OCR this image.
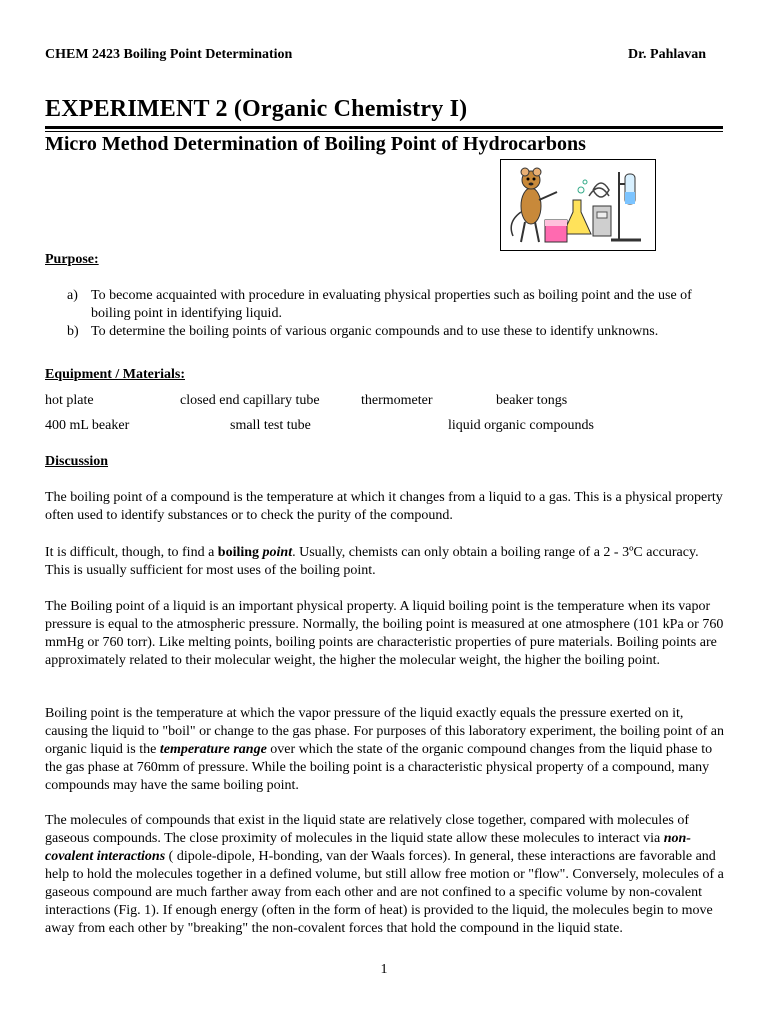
CHEM 2423 Boiling Point Determination	Dr. Pahlavan
EXPERIMENT 2 (Organic Chemistry I)
Micro Method Determination of Boiling Point of Hydrocarbons
Purpose:
a) To become acquainted with procedure in evaluating physical properties such as boiling point and the use of boiling point in identifying liquid.
b) To determine the boiling points of various organic compounds and to use these to identify unknowns.
Equipment / Materials:
hot plate	closed end capillary tube	thermometer	beaker tongs
400 mL beaker	small test tube	liquid organic compounds
Discussion
The boiling point of a compound is the temperature at which it changes from a liquid to a gas. This is a physical property often used to identify substances or to check the purity of the compound.
It is difficult, though, to find a boiling point. Usually, chemists can only obtain a boiling range of a 2 - 3ºC accuracy. This is usually sufficient for most uses of the boiling point.
The Boiling point of a liquid is an important physical property. A liquid boiling point is the temperature when its vapor pressure is equal to the atmospheric pressure. Normally, the boiling point is measured at one atmosphere (101 kPa or 760 mmHg or 760 torr). Like melting points, boiling points are characteristic properties of pure materials. Boiling points are approximately related to their molecular weight, the higher the molecular weight, the higher the boiling point.
Boiling point is the temperature at which the vapor pressure of the liquid exactly equals the pressure exerted on it, causing the liquid to "boil" or change to the gas phase. For purposes of this laboratory experiment, the boiling point of an organic liquid is the temperature range over which the state of the organic compound changes from the liquid phase to the gas phase at 760mm of pressure. While the boiling point is a characteristic physical property of a compound, many compounds may have the same boiling point.
The molecules of compounds that exist in the liquid state are relatively close together, compared with molecules of gaseous compounds. The close proximity of molecules in the liquid state allow these molecules to interact via non-covalent interactions ( dipole-dipole, H-bonding, van der Waals forces). In general, these interactions are favorable and help to hold the molecules together in a defined volume, but still allow free motion or "flow". Conversely, molecules of a gaseous compound are much farther away from each other and are not confined to a specific volume by non-covalent interactions (Fig. 1). If enough energy (often in the form of heat) is provided to the liquid, the molecules begin to move away from each other by "breaking" the non-covalent forces that hold the compound in the liquid state.
1
